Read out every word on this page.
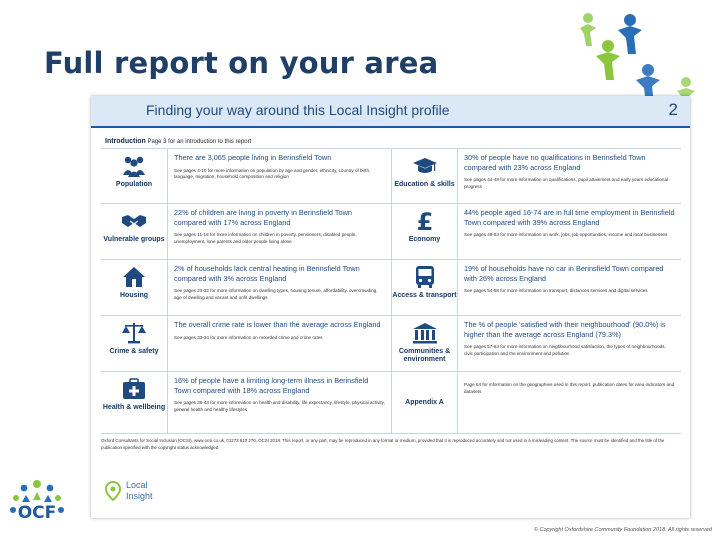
Full report on your area
Finding your way around this Local Insight profile	2
Introduction Page 3 for an introduction to this report
Population
There are 3,065 people living in Berinsfield Town
See pages 4-10 for more information on population by age and gender, ethnicity, country of birth, language, migration, household composition and religion
Education & skills
30% of people have no qualifications in Berinsfield Town compared with 23% across England
See pages 44-48 for more information on qualifications, pupil attainment and early years educational progress
Vulnerable groups
22% of children are living in poverty in Berinsfield Town compared with 17% across England
See pages 11-18 for more information on children in poverty, pensioners, disabled people, unemployment, lone parents and older people living alone
£
Economy
44% people aged 16-74 are in full time employment in Berinsfield Town compared with 39% across England
See pages 49-53 for more information on work, jobs, job opportunities, income and local businesses
Housing
2% of households lack central heating in Berinsfield Town compared with 3% across England
See pages 23-32 for more information on dwelling types, housing tenure, affordability, overcrowding, age of dwelling and vacant and unfit dwellings	Access & transport
19% of households have no car in Berinsfield Town compared with 26% across England
See pages 54-58 for more information on transport, distances services and digital services
Crime & safety
The overall crime rate is lower than the average across England
See pages 33-34 for more information on recorded crime and crime rates
Communities & environment
The % of people 'satisfied with their neighbourhood' (90.0%) is higher than the average across England (79.3%)
See pages 57-63 for more information on neighbourhood satisfaction, the types of neighbourhoods, civic participation and the environment and pollution
Health & wellbeing
16% of people have a limiting long-term illness in Berinsfield Town compared with 18% across England
See pages 35-43 for more information on health and disability, life expectancy, lifestyle, physical activity, general health and healthy lifestyles
Appendix A
Page 64 for information on the geographies used in this report, publication dates for area indicators and datasets
Oxford Consultants for Social Inclusion (OCSI), www.ocsi.co.uk, 01273 810 270, OCSI 2018. This report, or any part, may be reproduced in any format or medium, provided that it is reproduced accurately and not used in a misleading context. The source must be identified and the title of the publication specified with the copyright status acknowledged.
Local
Insight
OCF
© Copyright Oxfordshire Community Foundation 2018. All rights reserved
